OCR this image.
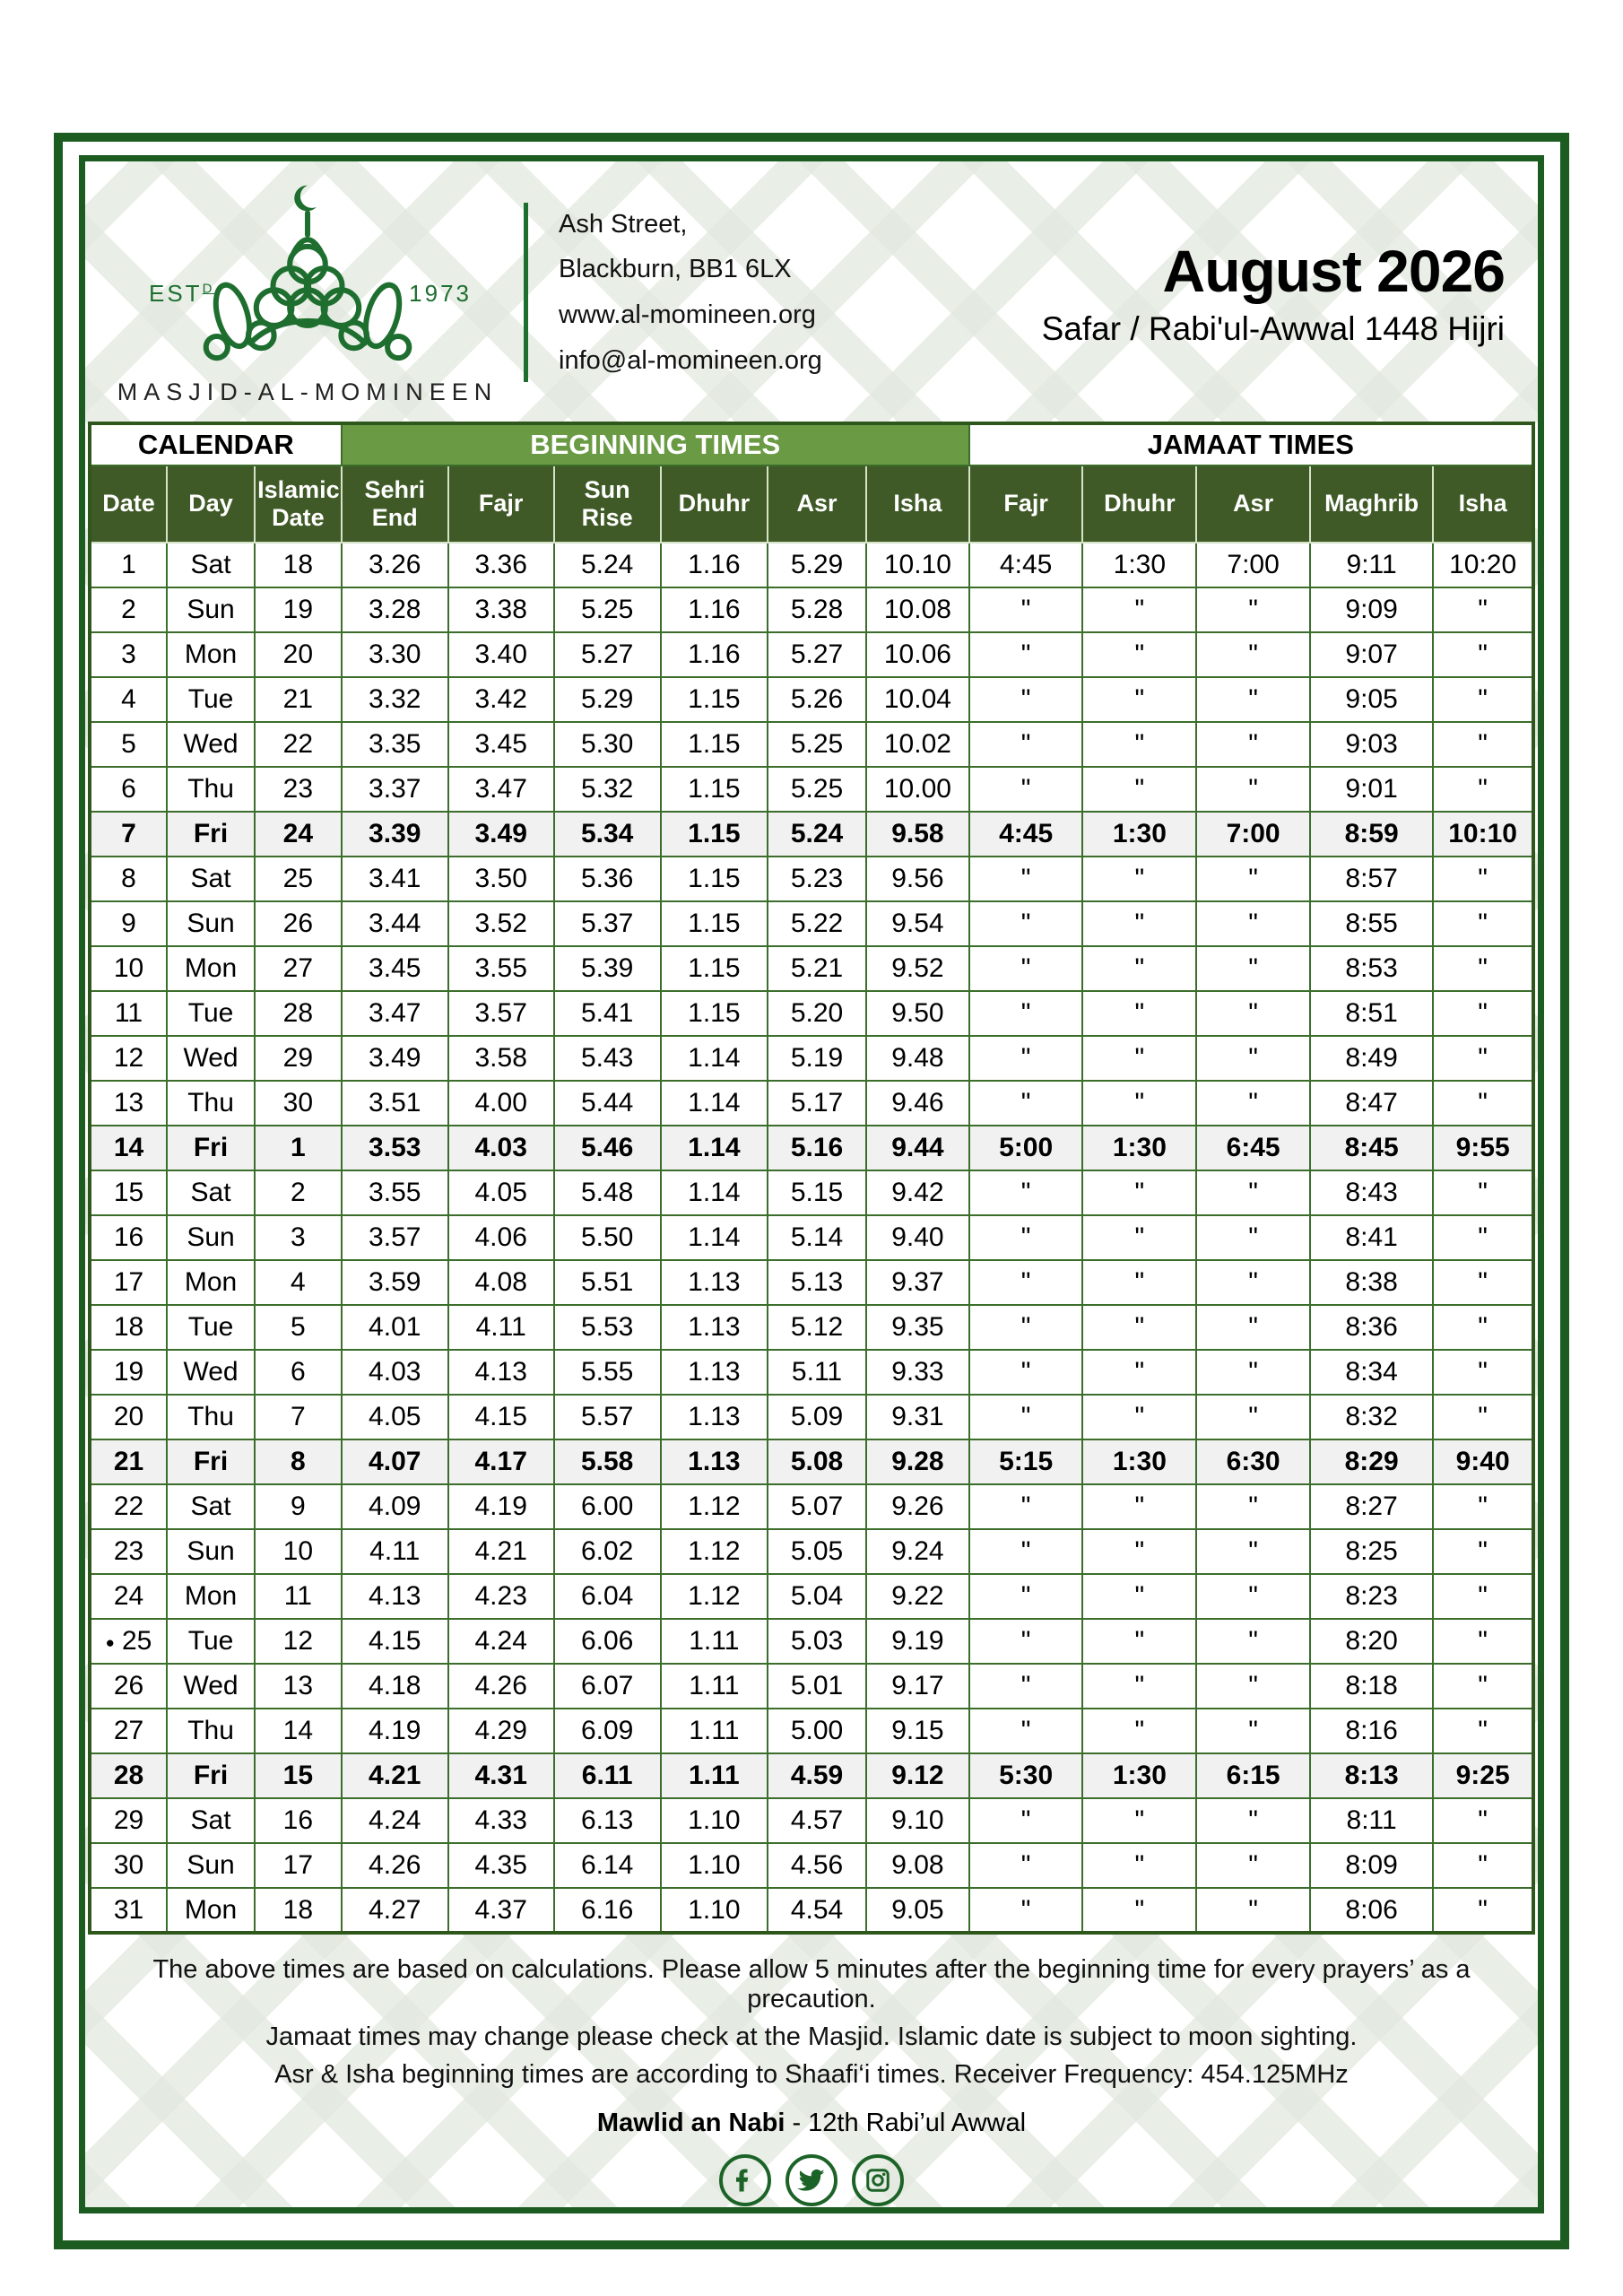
$EST^D$	1973
MASJID-AL-MOMINEEN
Ash Street,
Blackburn, BB1 6LX
www.al-momineen.org
info@al-momineen.org
August 2026
Safar / Rabi'ul-Awwal 1448 Hijri
CALENDAR			BEGINNING TIMES						JAMAAT TIMES				
Date	Day	Islamic Date	Sehri End	Fajr	Sun Rise	Dhuhr	Asr	Isha	Fajr	Dhuhr	Asr	Maghrib	Isha
1	Sat	18	3.26	3.36	5.24	1.16	5.29	10.10	4:45	1:30	7:00	9:11	10:20
2	Sun	19	3.28	3.38	5.25	1.16	5.28	10.08	"	"	"	9:09	"
3	Mon	20	3.30	3.40	5.27	1.16	5.27	10.06	"	"	"	9:07	"
4	Tue	21	3.32	3.42	5.29	1.15	5.26	10.04	"	"	"	9:05	"
5	Wed	22	3.35	3.45	5.30	1.15	5.25	10.02	"	"	"	9:03	"
6	Thu	23	3.37	3.47	5.32	1.15	5.25	10.00	"	"	"	9:01	"
7	Fri	24	3.39	3.49	5.34	1.15	5.24	9.58	4:45	1:30	7:00	8:59	10:10
8	Sat	25	3.41	3.50	5.36	1.15	5.23	9.56	"	"	"	8:57	"
9	Sun	26	3.44	3.52	5.37	1.15	5.22	9.54	"	"	"	8:55	"
10	Mon	27	3.45	3.55	5.39	1.15	5.21	9.52	"	"	"	8:53	"
11	Tue	28	3.47	3.57	5.41	1.15	5.20	9.50	"	"	"	8:51	"
12	Wed	29	3.49	3.58	5.43	1.14	5.19	9.48	"	"	"	8:49	"
13	Thu	30	3.51	4.00	5.44	1.14	5.17	9.46	"	"	"	8:47	"
14	Fri	1	3.53	4.03	5.46	1.14	5.16	9.44	5:00	1:30	6:45	8:45	9:55
15	Sat	2	3.55	4.05	5.48	1.14	5.15	9.42	"	"	"	8:43	"
16	Sun	3	3.57	4.06	5.50	1.14	5.14	9.40	"	"	"	8:41	"
17	Mon	4	3.59	4.08	5.51	1.13	5.13	9.37	"	"	"	8:38	"
18	Tue	5	4.01	4.11	5.53	1.13	5.12	9.35	"	"	"	8:36	"
19	Wed	6	4.03	4.13	5.55	1.13	5.11	9.33	"	"	"	8:34	"
20	Thu	7	4.05	4.15	5.57	1.13	5.09	9.31	"	"	"	8:32	"
21	Fri	8	4.07	4.17	5.58	1.13	5.08	9.28	5:15	1:30	6:30	8:29	9:40
22	Sat	9	4.09	4.19	6.00	1.12	5.07	9.26	"	"	"	8:27	"
23	Sun	10	4.11	4.21	6.02	1.12	5.05	9.24	"	"	"	8:25	"
24	Mon	11	4.13	4.23	6.04	1.12	5.04	9.22	"	"	"	8:23	"
● 25	Tue	12	4.15	4.24	6.06	1.11	5.03	9.19	"	"	"	8:20	"
26	Wed	13	4.18	4.26	6.07	1.11	5.01	9.17	"	"	"	8:18	"
27	Thu	14	4.19	4.29	6.09	1.11	5.00	9.15	"	"	"	8:16	"
28	Fri	15	4.21	4.31	6.11	1.11	4.59	9.12	5:30	1:30	6:15	8:13	9:25
29	Sat	16	4.24	4.33	6.13	1.10	4.57	9.10	"	"	"	8:11	"
30	Sun	17	4.26	4.35	6.14	1.10	4.56	9.08	"	"	"	8:09	"
31	Mon	18	4.27	4.37	6.16	1.10	4.54	9.05	"	"	"	8:06	"

The above times are based on calculations. Please allow 5 minutes after the beginning time for every prayers’ as a precaution.

Jamaat times may change please check at the Masjid. Islamic date is subject to moon sighting.

Asr & Isha beginning times are according to Shaafi‘i times. Receiver Frequency: 454.125MHz

Mawlid an Nabi - 12th Rabi’ul Awwal
